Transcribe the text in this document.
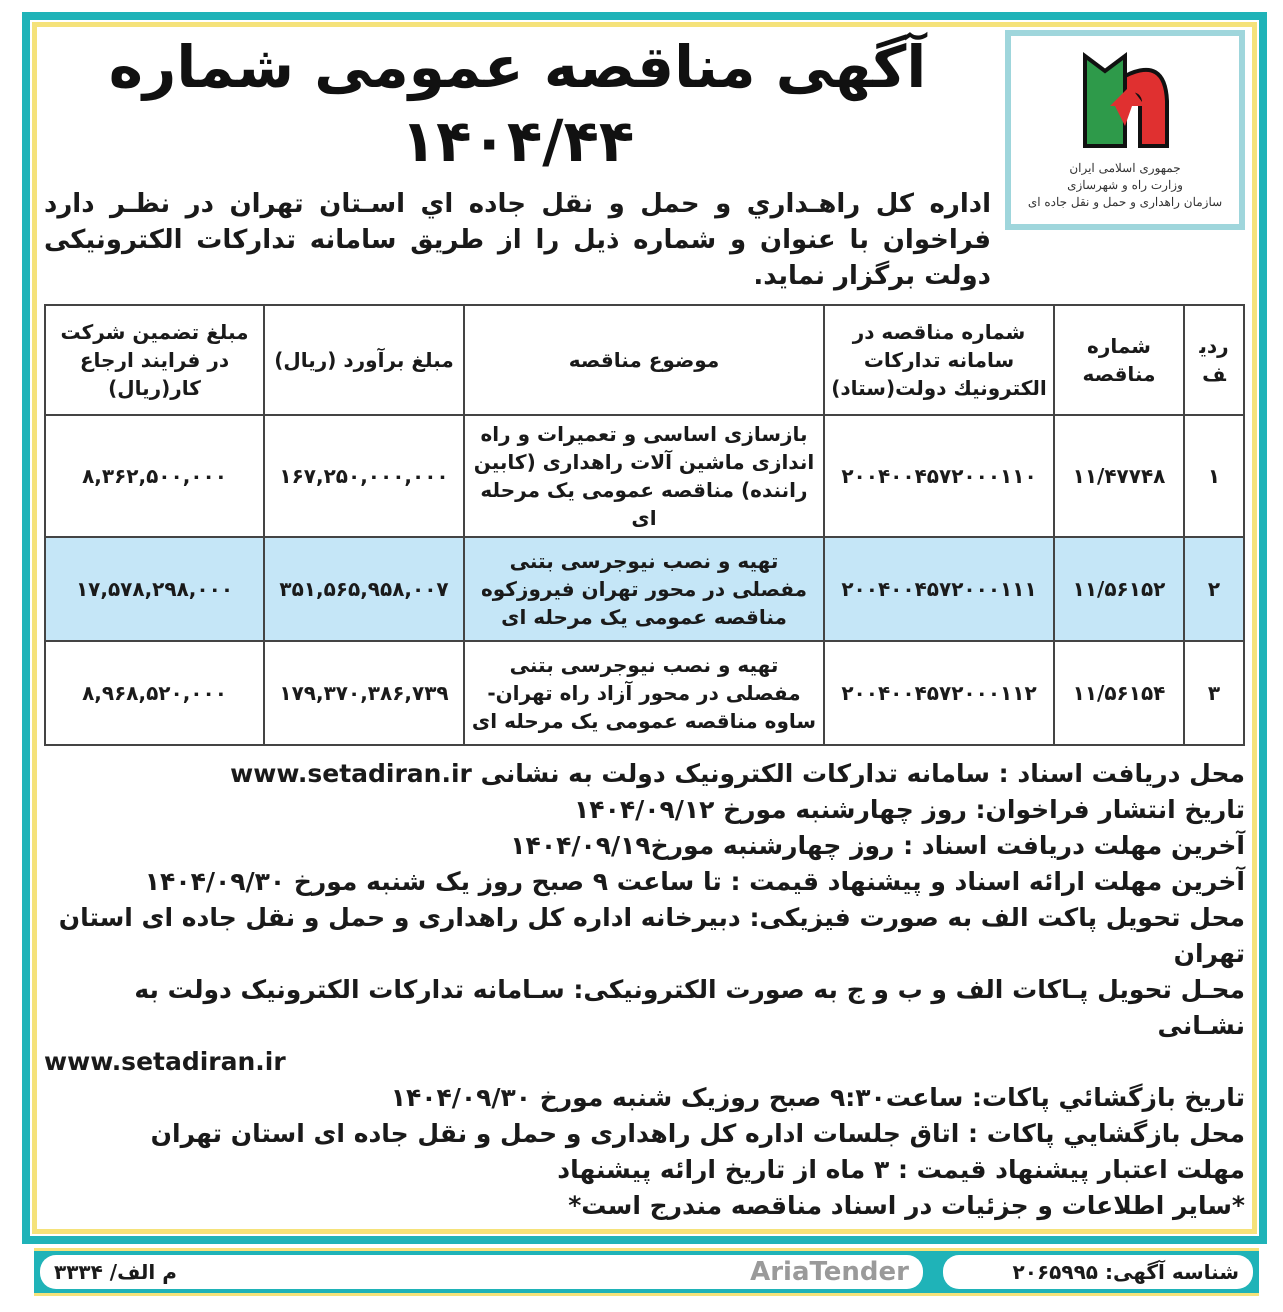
جمهوری اسلامی ایران
وزارت راه و شهرسازی
سازمان راهداری و حمل و نقل جاده ای
آگهی مناقصه عمومی شماره ۱۴۰۴/۴۴
اداره کل راهـداري و حمل و نقل جاده اي اسـتان تهران در نظـر دارد فراخوان با عنوان و شماره ذیل را از طریق سامانه تدارکات الکترونیکی دولت برگزار نماید.
ردیف	شماره مناقصه	شماره مناقصه در سامانه تدارکات الکترونیك دولت(ستاد)	موضوع مناقصه	مبلغ برآورد (ریال)	مبلغ تضمین شرکت در فرایند ارجاع کار(ریال)
۱	۱۱/۴۷۷۴۸	۲۰۰۴۰۰۴۵۷۲۰۰۰۱۱۰	بازسازی اساسی و تعمیرات و راه اندازی ماشین آلات راهداری (کابین راننده) مناقصه عمومی یک مرحله ای	۱۶۷,۲۵۰,۰۰۰,۰۰۰	۸,۳۶۲,۵۰۰,۰۰۰
۲	۱۱/۵۶۱۵۲	۲۰۰۴۰۰۴۵۷۲۰۰۰۱۱۱	تهیه و نصب نیوجرسی بتنی مفصلی در محور تهران فیروزکوه مناقصه عمومی یک مرحله ای	۳۵۱,۵۶۵,۹۵۸,۰۰۷	۱۷,۵۷۸,۲۹۸,۰۰۰
۳	۱۱/۵۶۱۵۴	۲۰۰۴۰۰۴۵۷۲۰۰۰۱۱۲	تهیه و نصب نیوجرسی بتنی مفصلی در محور آزاد راه تهران-ساوه مناقصه عمومی یک مرحله ای	۱۷۹,۳۷۰,۳۸۶,۷۳۹	۸,۹۶۸,۵۲۰,۰۰۰

محل دریافت اسناد : سامانه تدارکات الکترونیک دولت به نشانی www.setadiran.ir

تاریخ انتشار فراخوان: روز چهارشنبه مورخ ۱۴۰۴/۰۹/۱۲

آخرین مهلت دریافت اسناد : روز چهارشنبه مورخ۱۴۰۴/۰۹/۱۹

آخرین مهلت ارائه اسناد و پیشنهاد قیمت : تا ساعت ۹ صبح روز یک شنبه مورخ ۱۴۰۴/۰۹/۳۰

محل تحویل پاکت الف به صورت فیزیکی: دبیرخانه اداره کل راهداری و حمل و نقل جاده ای استان تهران

محـل تحویل پـاکات الف و ب و ج به صورت الکترونیکی: سـامانه تدارکات الکترونیک دولت به نشـانی

www.setadiran.ir

تاریخ بازگشائي پاکات: ساعت۹:۳۰ صبح روزیک شنبه مورخ ۱۴۰۴/۰۹/۳۰

محل بازگشايي پاکات : اتاق جلسات اداره کل راهداری و حمل و نقل جاده ای استان تهران

مهلت اعتبار پیشنهاد قیمت : ۳ ماه از تاریخ ارائه پیشنهاد

*سایر اطلاعات و جزئیات در اسناد مناقصه مندرج است*

شناسه آگهی: ۲۰۶۵۹۹۵
AriaTender
م الف/ ۳۳۳۴
